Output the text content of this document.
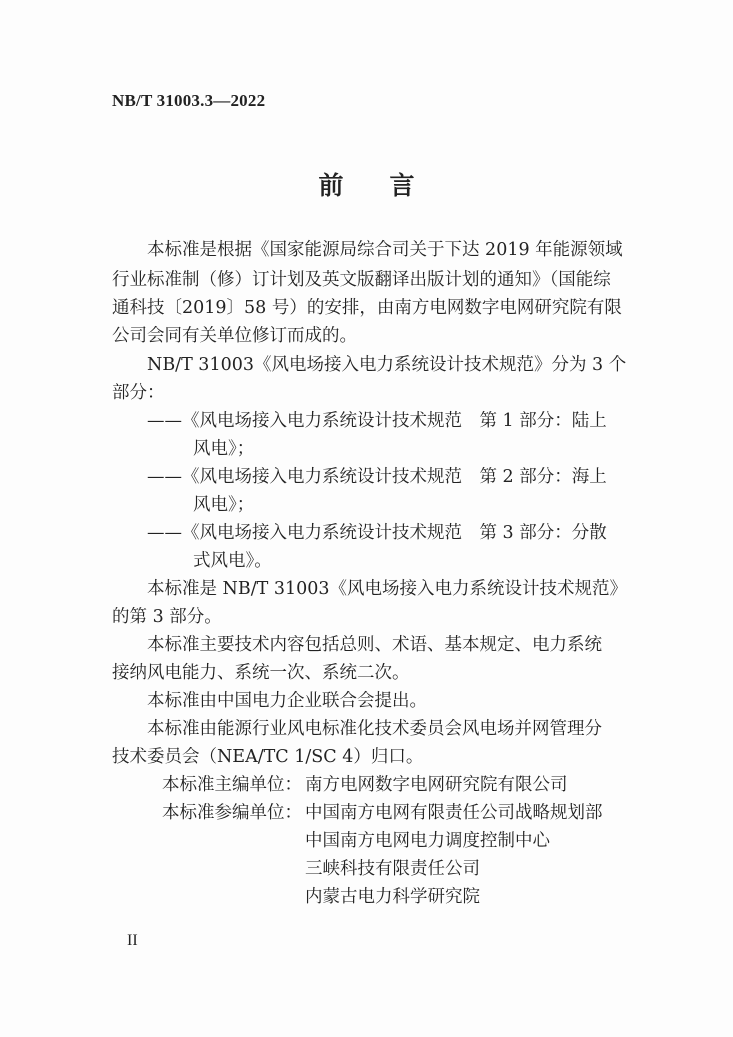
NB/T 31003.3—2022
前言
本标准是根据《国家能源局综合司关于下达 2019 年能源领域
行业标准制（修）订计划及英文版翻译出版计划的通知》（国能综
通科技〔2019〕58 号）的安排，由南方电网数字电网研究院有限
公司会同有关单位修订而成的。
NB/T 31003《风电场接入电力系统设计技术规范》分为 3 个
部分：
——《风电场接入电力系统设计技术规范　第 1 部分：陆上
风电》；
——《风电场接入电力系统设计技术规范　第 2 部分：海上
风电》；
——《风电场接入电力系统设计技术规范　第 3 部分：分散
式风电》。
本标准是 NB/T 31003《风电场接入电力系统设计技术规范》
的第 3 部分。
本标准主要技术内容包括总则、术语、基本规定、电力系统
接纳风电能力、系统一次、系统二次。
本标准由中国电力企业联合会提出。
本标准由能源行业风电标准化技术委员会风电场并网管理分
技术委员会（NEA/TC 1/SC 4）归口。
本标准主编单位： 南方电网数字电网研究院有限公司
本标准参编单位： 中国南方电网有限责任公司战略规划部
中国南方电网电力调度控制中心
三峡科技有限责任公司
内蒙古电力科学研究院
II
